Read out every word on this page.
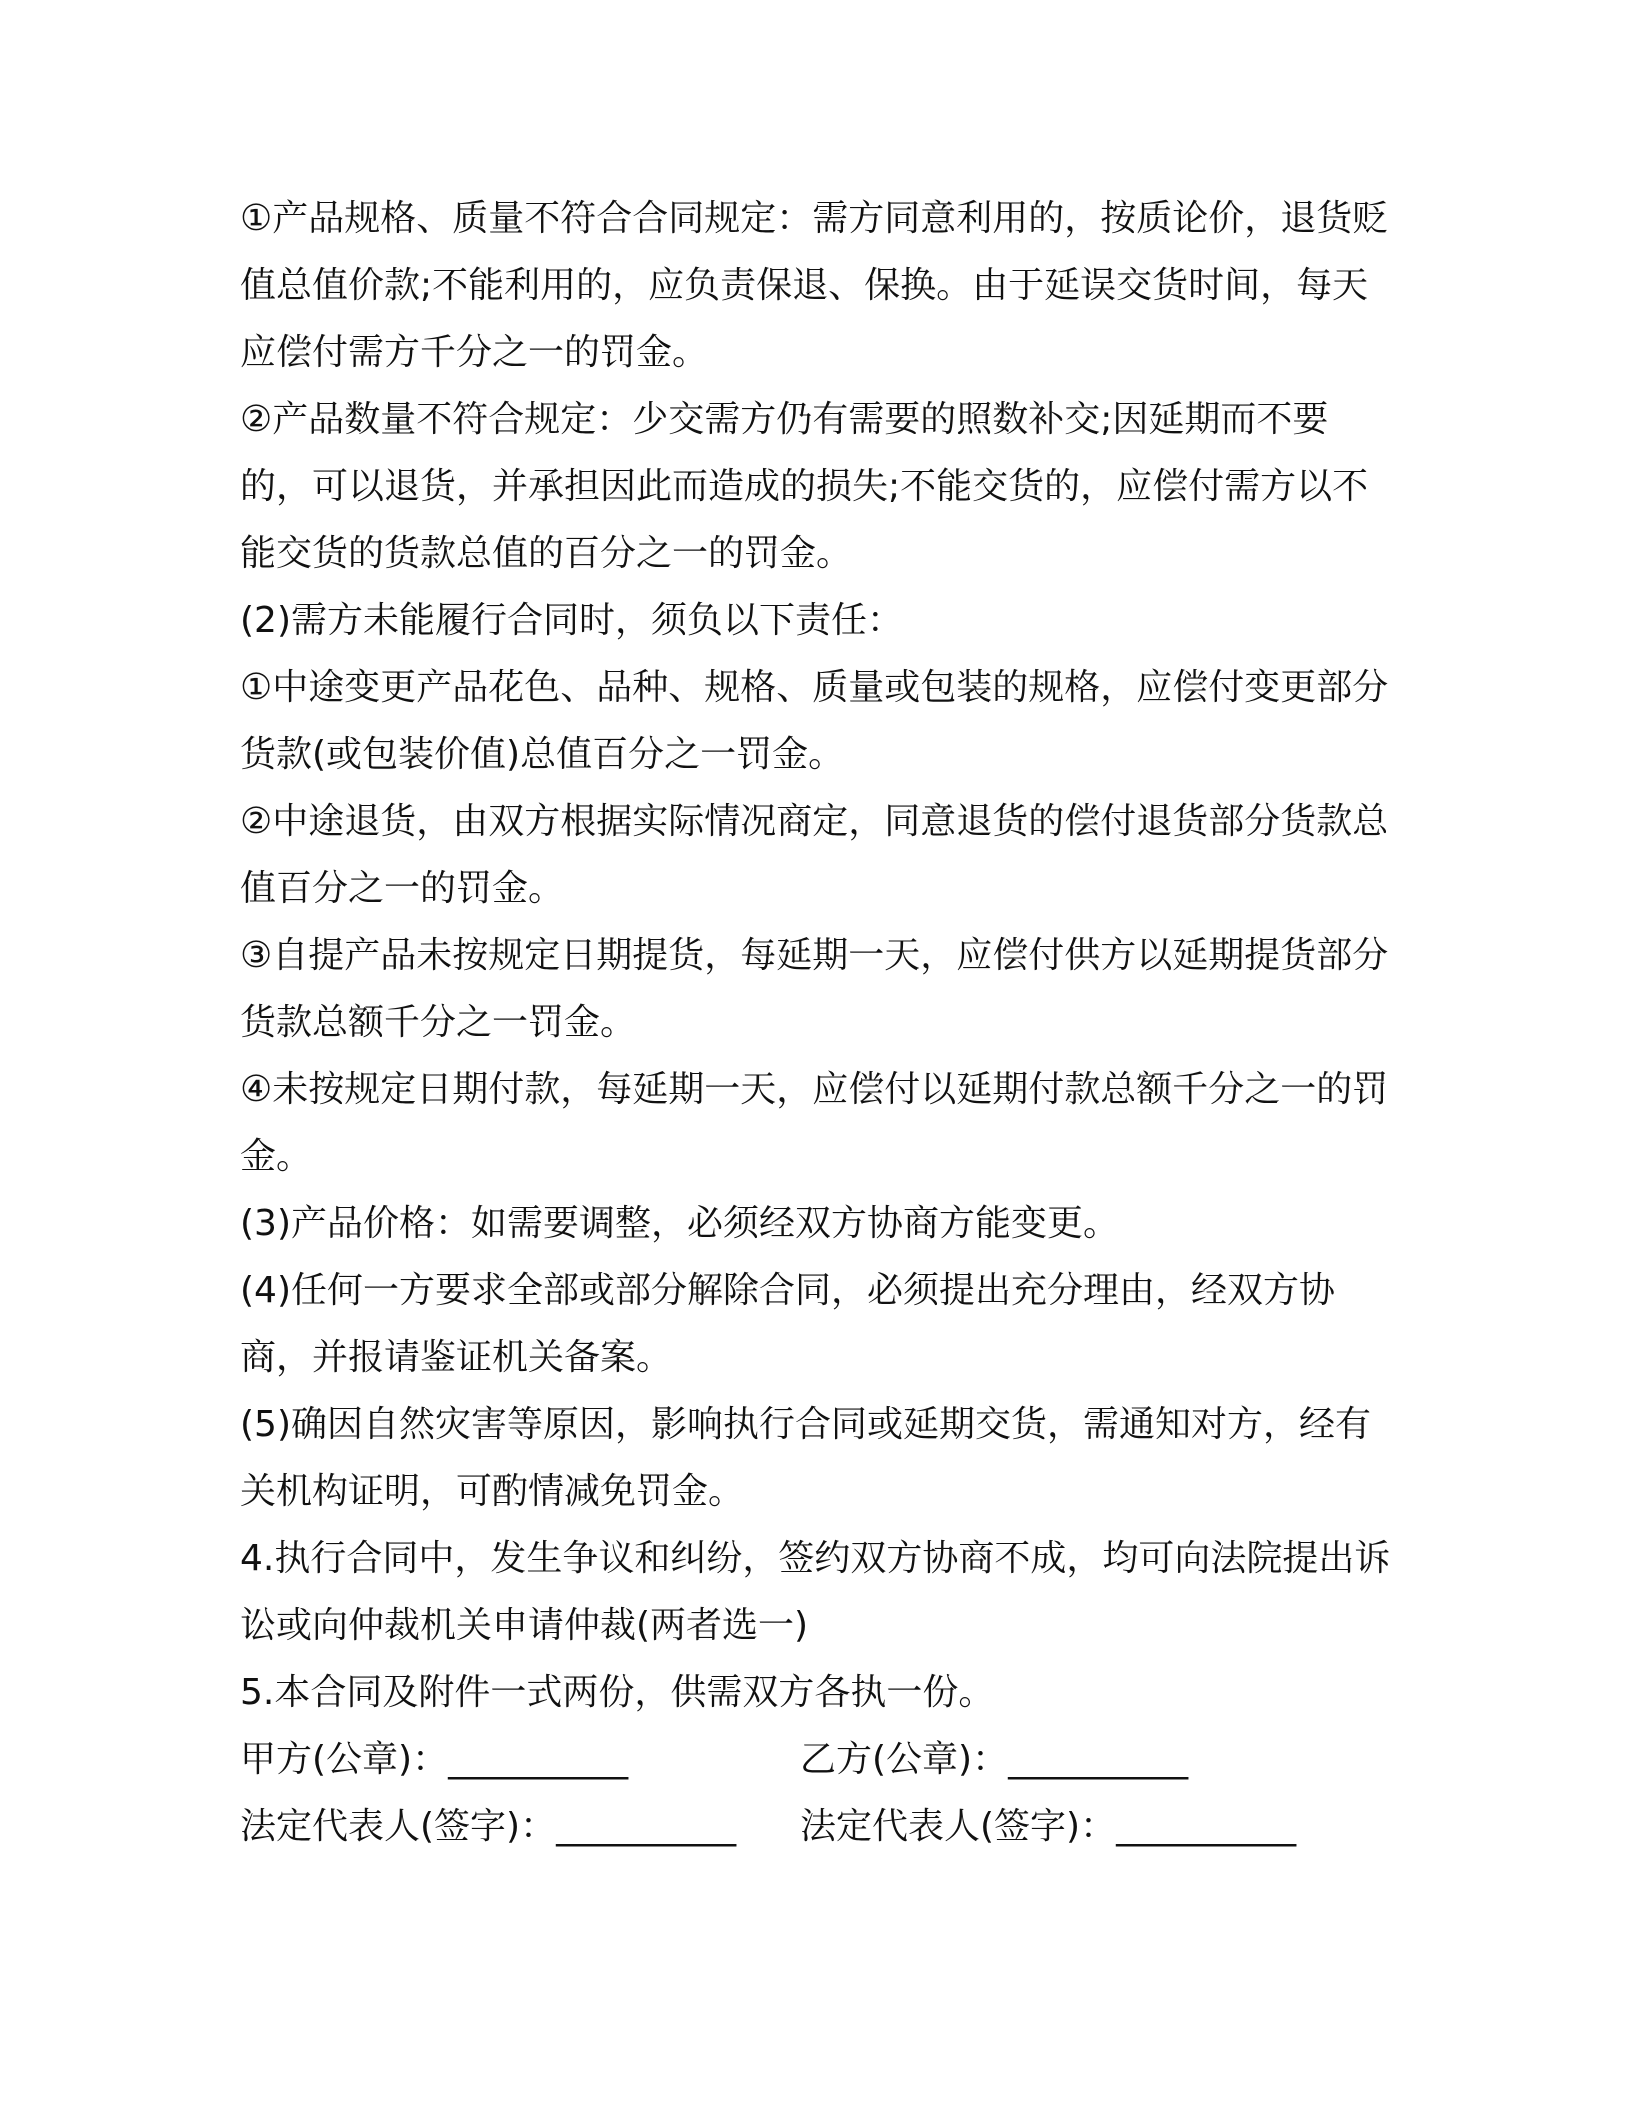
①产品规格、质量不符合合同规定：需方同意利用的，按质论价，退货贬值总值价款;不能利用的，应负责保退、保换。由于延误交货时间，每天应偿付需方千分之一的罚金。

②产品数量不符合规定：少交需方仍有需要的照数补交;因延期而不要的，可以退货，并承担因此而造成的损失;不能交货的，应偿付需方以不能交货的货款总值的百分之一的罚金。

(2)需方未能履行合同时，须负以下责任：

①中途变更产品花色、品种、规格、质量或包装的规格，应偿付变更部分货款(或包装价值)总值百分之一罚金。

②中途退货，由双方根据实际情况商定，同意退货的偿付退货部分货款总值百分之一的罚金。

③自提产品未按规定日期提货，每延期一天，应偿付供方以延期提货部分货款总额千分之一罚金。

④未按规定日期付款，每延期一天，应偿付以延期付款总额千分之一的罚金。

(3)产品价格：如需要调整，必须经双方协商方能变更。

(4)任何一方要求全部或部分解除合同，必须提出充分理由，经双方协商，并报请鉴证机关备案。

(5)确因自然灾害等原因，影响执行合同或延期交货，需通知对方，经有关机构证明，可酌情减免罚金。

4.执行合同中，发生争议和纠纷，签约双方协商不成，均可向法院提出诉讼或向仲裁机关申请仲裁(两者选一)

5.本合同及附件一式两份，供需双方各执一份。

甲方(公章)：__________	乙方(公章)：__________
法定代表人(签字)：__________ 法定代表人(签字)：__________
